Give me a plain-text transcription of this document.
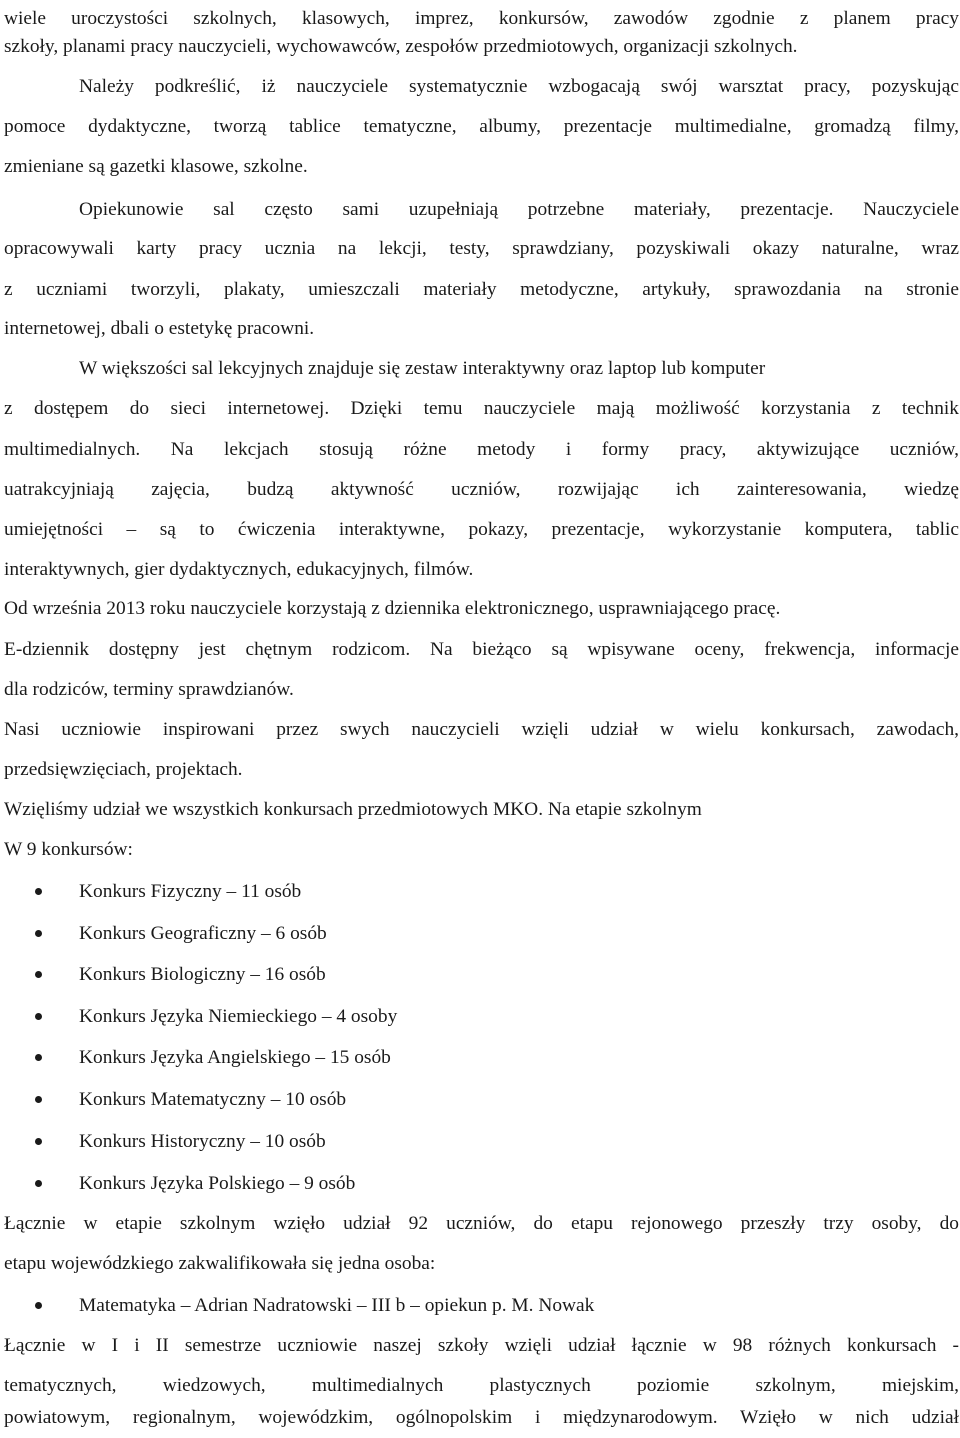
wiele uroczystości szkolnych, klasowych, imprez, konkursów, zawodów zgodnie z planem pracy
szkoły, planami pracy nauczycieli, wychowawców, zespołów przedmiotowych, organizacji szkolnych.
Należy podkreślić, iż nauczyciele systematycznie wzbogacają swój warsztat pracy, pozyskując
pomoce dydaktyczne, tworzą tablice tematyczne, albumy, prezentacje multimedialne, gromadzą filmy,
zmieniane są gazetki klasowe, szkolne.
Opiekunowie sal często sami uzupełniają potrzebne materiały, prezentacje. Nauczyciele
opracowywali karty pracy ucznia na lekcji, testy, sprawdziany, pozyskiwali okazy naturalne, wraz
z uczniami tworzyli, plakaty, umieszczali materiały metodyczne, artykuły, sprawozdania na stronie
internetowej, dbali o estetykę pracowni.
W większości sal lekcyjnych znajduje się zestaw interaktywny oraz laptop lub komputer
z dostępem do sieci internetowej. Dzięki temu nauczyciele mają możliwość korzystania z technik
multimedialnych. Na lekcjach stosują różne metody i formy pracy, aktywizujące uczniów,
uatrakcyjniają zajęcia, budzą aktywność uczniów, rozwijając ich zainteresowania, wiedzę
umiejętności – są to ćwiczenia interaktywne, pokazy, prezentacje, wykorzystanie komputera, tablic
interaktywnych, gier dydaktycznych, edukacyjnych, filmów.
Od września 2013 roku nauczyciele korzystają z dziennika elektronicznego, usprawniającego pracę.
E-dziennik dostępny jest chętnym rodzicom. Na bieżąco są wpisywane oceny, frekwencja, informacje
dla rodziców, terminy sprawdzianów.
Nasi uczniowie inspirowani przez swych nauczycieli wzięli udział w wielu konkursach, zawodach,
przedsięwzięciach, projektach.
Wzięliśmy udział we wszystkich konkursach przedmiotowych MKO. Na etapie szkolnym
W 9 konkursów:
Konkurs Fizyczny – 11 osób
Konkurs Geograficzny – 6 osób
Konkurs Biologiczny – 16 osób
Konkurs Języka Niemieckiego – 4 osoby
Konkurs Języka Angielskiego – 15 osób
Konkurs Matematyczny – 10 osób
Konkurs Historyczny – 10 osób
Konkurs Języka Polskiego – 9 osób
Łącznie w etapie szkolnym wzięło udział 92 uczniów, do etapu rejonowego przeszły trzy osoby, do
etapu wojewódzkiego zakwalifikowała się jedna osoba:
Matematyka – Adrian Nadratowski – III b – opiekun p. M. Nowak
Łącznie w I i II semestrze uczniowie naszej szkoły wzięli udział łącznie w 98 różnych konkursach -
tematycznych, wiedzowych, multimedialnych plastycznych poziomie szkolnym, miejskim,
powiatowym, regionalnym, wojewódzkim, ogólnopolskim i międzynarodowym. Wzięło w nich udział
